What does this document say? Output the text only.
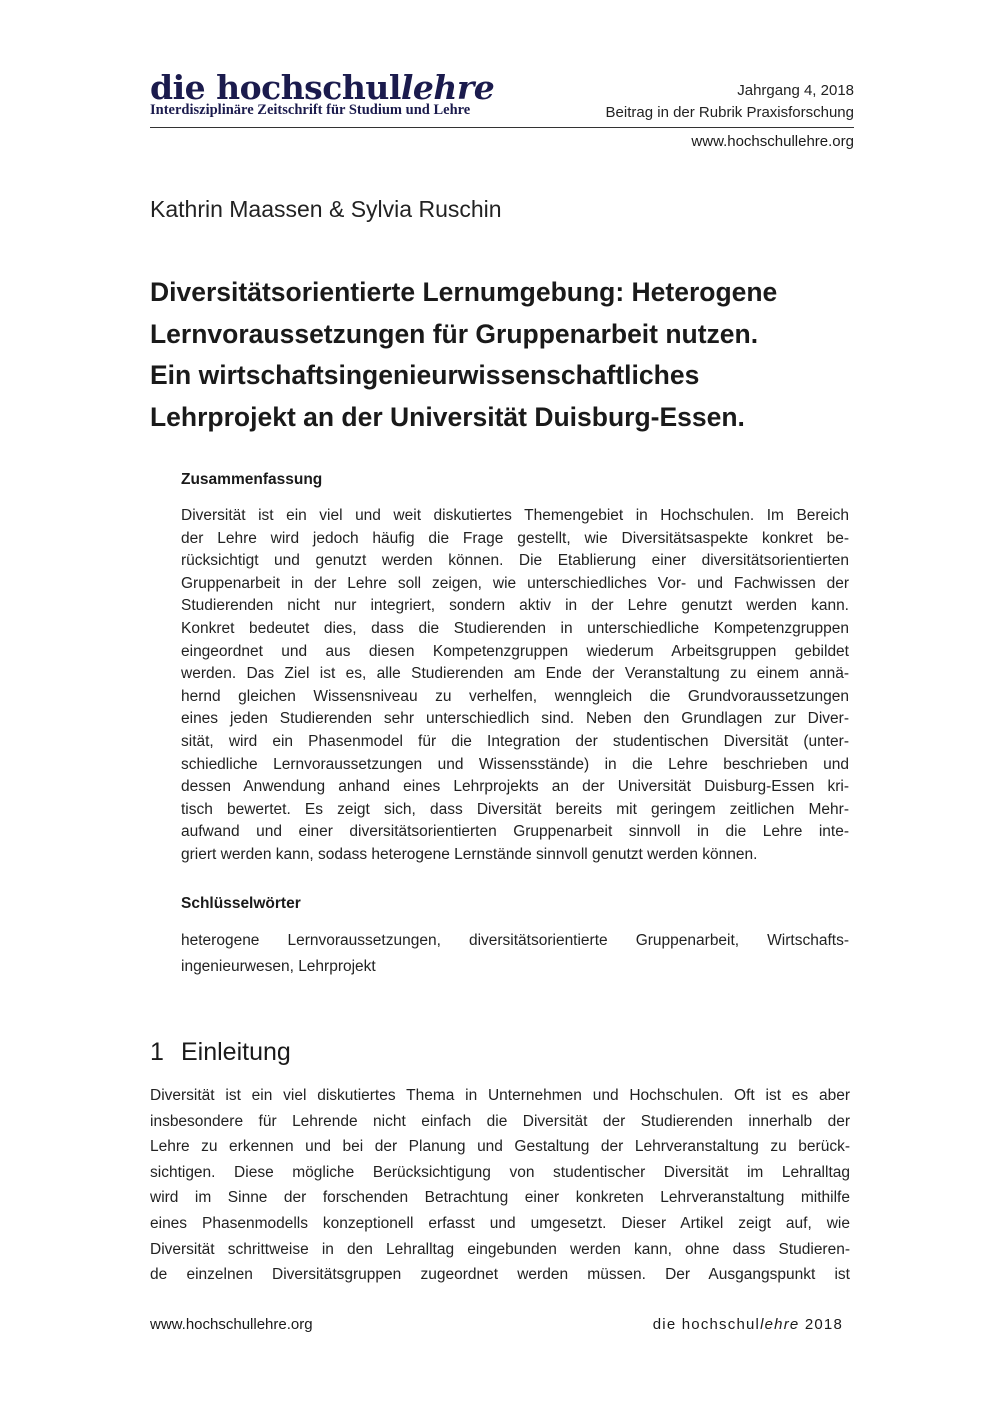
die hochschullehre
Interdisziplinäre Zeitschrift für Studium und Lehre
Jahrgang 4, 2018
Beitrag in der Rubrik Praxisforschung
www.hochschullehre.org
Kathrin Maassen & Sylvia Ruschin
Diversitätsorientierte Lernumgebung: Heterogene
Lernvoraussetzungen für Gruppenarbeit nutzen.
Ein wirtschaftsingenieurwissenschaftliches
Lehrprojekt an der Universität Duisburg-Essen.
Zusammenfassung
Diversität ist ein viel und weit diskutiertes Themengebiet in Hochschulen. Im Bereich
der Lehre wird jedoch häufig die Frage gestellt, wie Diversitätsaspekte konkret be-
rücksichtigt und genutzt werden können. Die Etablierung einer diversitätsorientierten
Gruppenarbeit in der Lehre soll zeigen, wie unterschiedliches Vor- und Fachwissen der
Studierenden nicht nur integriert, sondern aktiv in der Lehre genutzt werden kann.
Konkret bedeutet dies, dass die Studierenden in unterschiedliche Kompetenzgruppen
eingeordnet und aus diesen Kompetenzgruppen wiederum Arbeitsgruppen gebildet
werden. Das Ziel ist es, alle Studierenden am Ende der Veranstaltung zu einem annä-
hernd gleichen Wissensniveau zu verhelfen, wenngleich die Grundvoraussetzungen
eines jeden Studierenden sehr unterschiedlich sind. Neben den Grundlagen zur Diver-
sität, wird ein Phasenmodel für die Integration der studentischen Diversität (unter-
schiedliche Lernvoraussetzungen und Wissensstände) in die Lehre beschrieben und
dessen Anwendung anhand eines Lehrprojekts an der Universität Duisburg-Essen kri-
tisch bewertet. Es zeigt sich, dass Diversität bereits mit geringem zeitlichen Mehr-
aufwand und einer diversitätsorientierten Gruppenarbeit sinnvoll in die Lehre inte-
griert werden kann, sodass heterogene Lernstände sinnvoll genutzt werden können.
Schlüsselwörter
heterogene Lernvoraussetzungen, diversitätsorientierte Gruppenarbeit, Wirtschafts-
ingenieurwesen, Lehrprojekt
1 Einleitung
Diversität ist ein viel diskutiertes Thema in Unternehmen und Hochschulen. Oft ist es aber
insbesondere für Lehrende nicht einfach die Diversität der Studierenden innerhalb der
Lehre zu erkennen und bei der Planung und Gestaltung der Lehrveranstaltung zu berück-
sichtigen. Diese mögliche Berücksichtigung von studentischer Diversität im Lehralltag
wird im Sinne der forschenden Betrachtung einer konkreten Lehrveranstaltung mithilfe
eines Phasenmodells konzeptionell erfasst und umgesetzt. Dieser Artikel zeigt auf, wie
Diversität schrittweise in den Lehralltag eingebunden werden kann, ohne dass Studieren-
de einzelnen Diversitätsgruppen zugeordnet werden müssen. Der Ausgangspunkt ist
www.hochschullehre.org	die hochschullehre 2018
